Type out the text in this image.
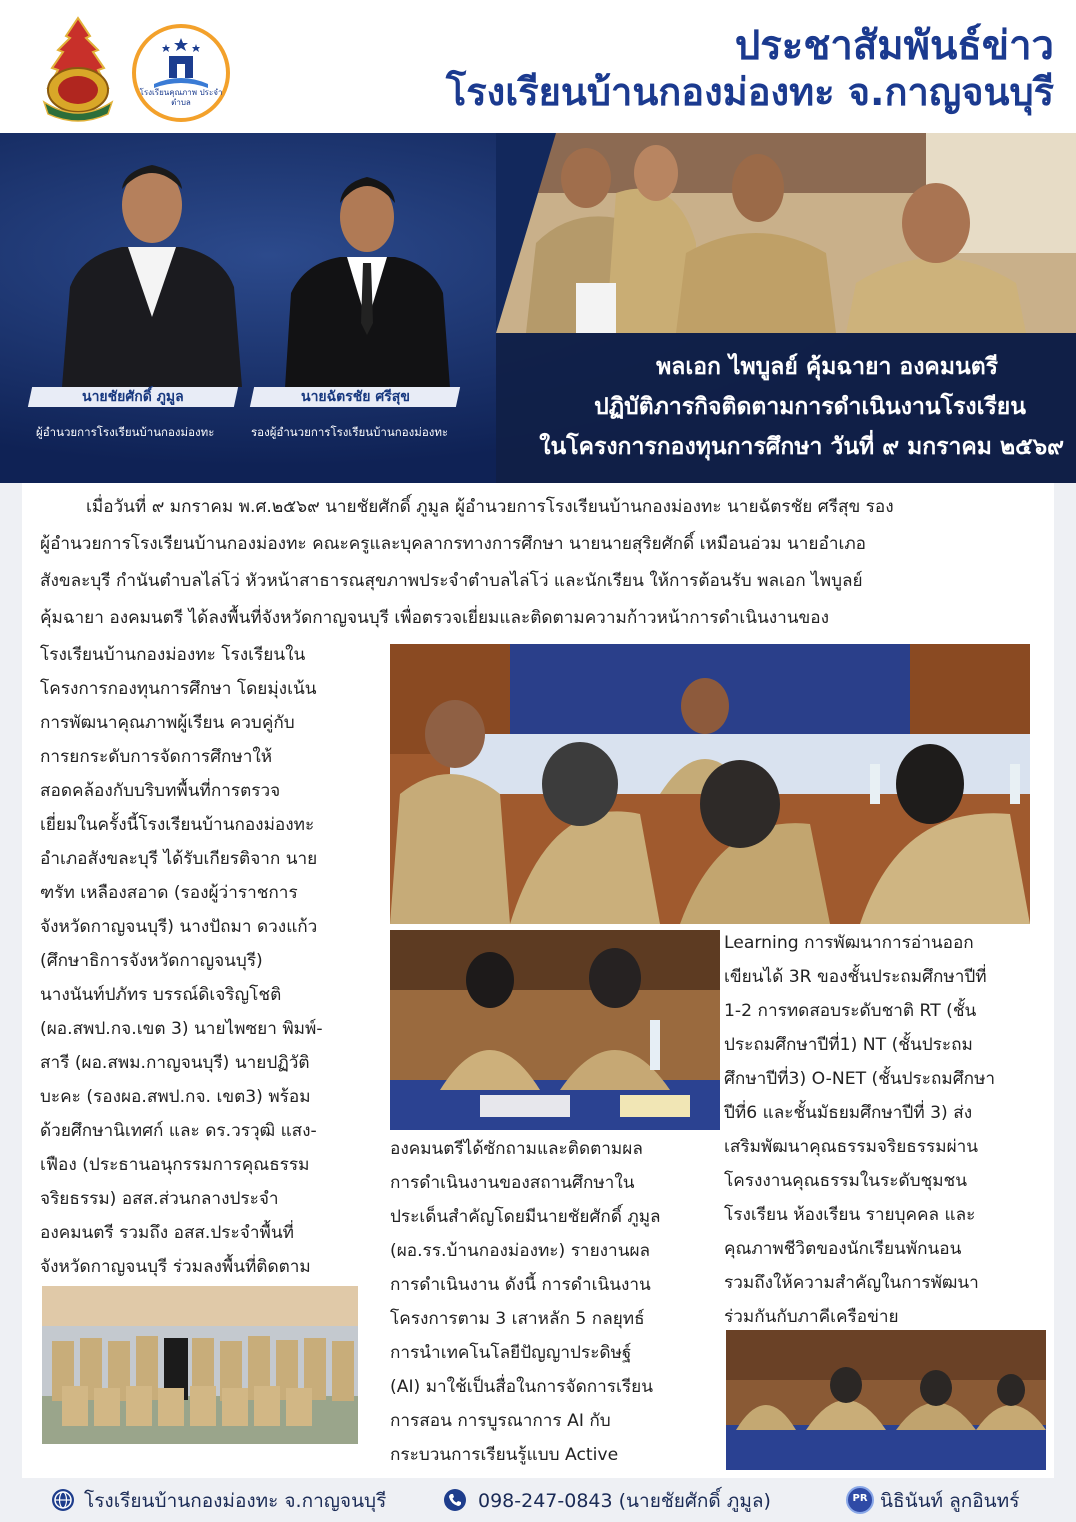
โรงเรียนคุณภาพ ประจำตำบล
ประชาสัมพันธ์ข่าว
โรงเรียนบ้านกองม่องทะ จ.กาญจนบุรี
นายชัยศักดิ์ ภูมูล	นายฉัตรชัย ศรีสุข
ผู้อำนวยการโรงเรียนบ้านกองม่องทะ	รองผู้อำนวยการโรงเรียนบ้านกองม่องทะ
พลเอก ไพบูลย์ คุ้มฉายา องคมนตรี
ปฏิบัติภารกิจติดตามการดำเนินงานโรงเรียน
ในโครงการกองทุนการศึกษา วันที่ ๙ มกราคม ๒๕๖๙
เมื่อวันที่ ๙ มกราคม พ.ศ.๒๕๖๙ นายชัยศักดิ์ ภูมูล ผู้อำนวยการโรงเรียนบ้านกองม่องทะ นายฉัตรชัย ศรีสุข รอง
ผู้อำนวยการโรงเรียนบ้านกองม่องทะ คณะครูและบุคลากรทางการศึกษา นายนายสุริยศักดิ์ เหมือนอ่วม นายอำเภอ
สังขละบุรี กำนันตำบลไล่โว่ หัวหน้าสาธารณสุขภาพประจำตำบลไล่โว่ และนักเรียน ให้การต้อนรับ พลเอก ไพบูลย์
คุ้มฉายา องคมนตรี ได้ลงพื้นที่จังหวัดกาญจนบุรี เพื่อตรวจเยี่ยมและติดตามความก้าวหน้าการดำเนินงานของ
โรงเรียนบ้านกองม่องทะ โรงเรียนใน
โครงการกองทุนการศึกษา โดยมุ่งเน้น
การพัฒนาคุณภาพผู้เรียน ควบคู่กับ
การยกระดับการจัดการศึกษาให้
สอดคล้องกับบริบทพื้นที่การตรวจ
เยี่ยมในครั้งนี้โรงเรียนบ้านกองม่องทะ
อำเภอสังขละบุรี ได้รับเกียรติจาก นาย
ฑรัท เหลืองสอาด (รองผู้ว่าราชการ
จังหวัดกาญจนบุรี) นางปัถมา ดวงแก้ว
(ศึกษาธิการจังหวัดกาญจนบุรี)
นางนันท์ปภัทร บรรณ์ดิเจริญโชติ
(ผอ.สพป.กจ.เขต 3) นายไพซยา พิมพ์-
สารี (ผอ.สพม.กาญจนบุรี) นายปฏิวัติ
บะคะ (รองผอ.สพป.กจ. เขต3) พร้อม
ด้วยศึกษานิเทศก์ และ ดร.วรวุฒิ แสง-
เฟือง (ประธานอนุกรรมการคุณธรรม
จริยธรรม) อสส.ส่วนกลางประจำ
องคมนตรี รวมถึง อสส.ประจำพื้นที่
จังหวัดกาญจนบุรี ร่วมลงพื้นที่ติดตาม
องคมนตรีได้ซักถามและติดตามผล
การดำเนินงานของสถานศึกษาใน
ประเด็นสำคัญโดยมีนายชัยศักดิ์ ภูมูล
(ผอ.รร.บ้านกองม่องทะ) รายงานผล
การดำเนินงาน ดังนี้ การดำเนินงาน
โครงการตาม 3 เสาหลัก 5 กลยุทธ์
การนำเทคโนโลยีปัญญาประดิษฐ์
(AI) มาใช้เป็นสื่อในการจัดการเรียน
การสอน การบูรณาการ AI กับ
กระบวนการเรียนรู้แบบ Active
Learning การพัฒนาการอ่านออก
เขียนได้ 3R ของชั้นประถมศึกษาปีที่
1-2 การทดสอบระดับชาติ RT (ชั้น
ประถมศึกษาปีที่1) NT (ชั้นประถม
ศึกษาปีที่3) O-NET (ชั้นประถมศึกษา
ปีที่6 และชั้นมัธยมศึกษาปีที่ 3) ส่ง
เสริมพัฒนาคุณธรรมจริยธรรมผ่าน
โครงงานคุณธรรมในระดับชุมชน
โรงเรียน ห้องเรียน รายบุคคล และ
คุณภาพชีวิตของนักเรียนพักนอน
รวมถึงให้ความสำคัญในการพัฒนา
ร่วมกันกับภาคีเครือข่าย
โรงเรียนบ้านกองม่องทะ จ.กาญจนบุรี	098-247-0843 (นายชัยศักดิ์ ภูมูล)	PR นิธินันท์ ลูกอินทร์
